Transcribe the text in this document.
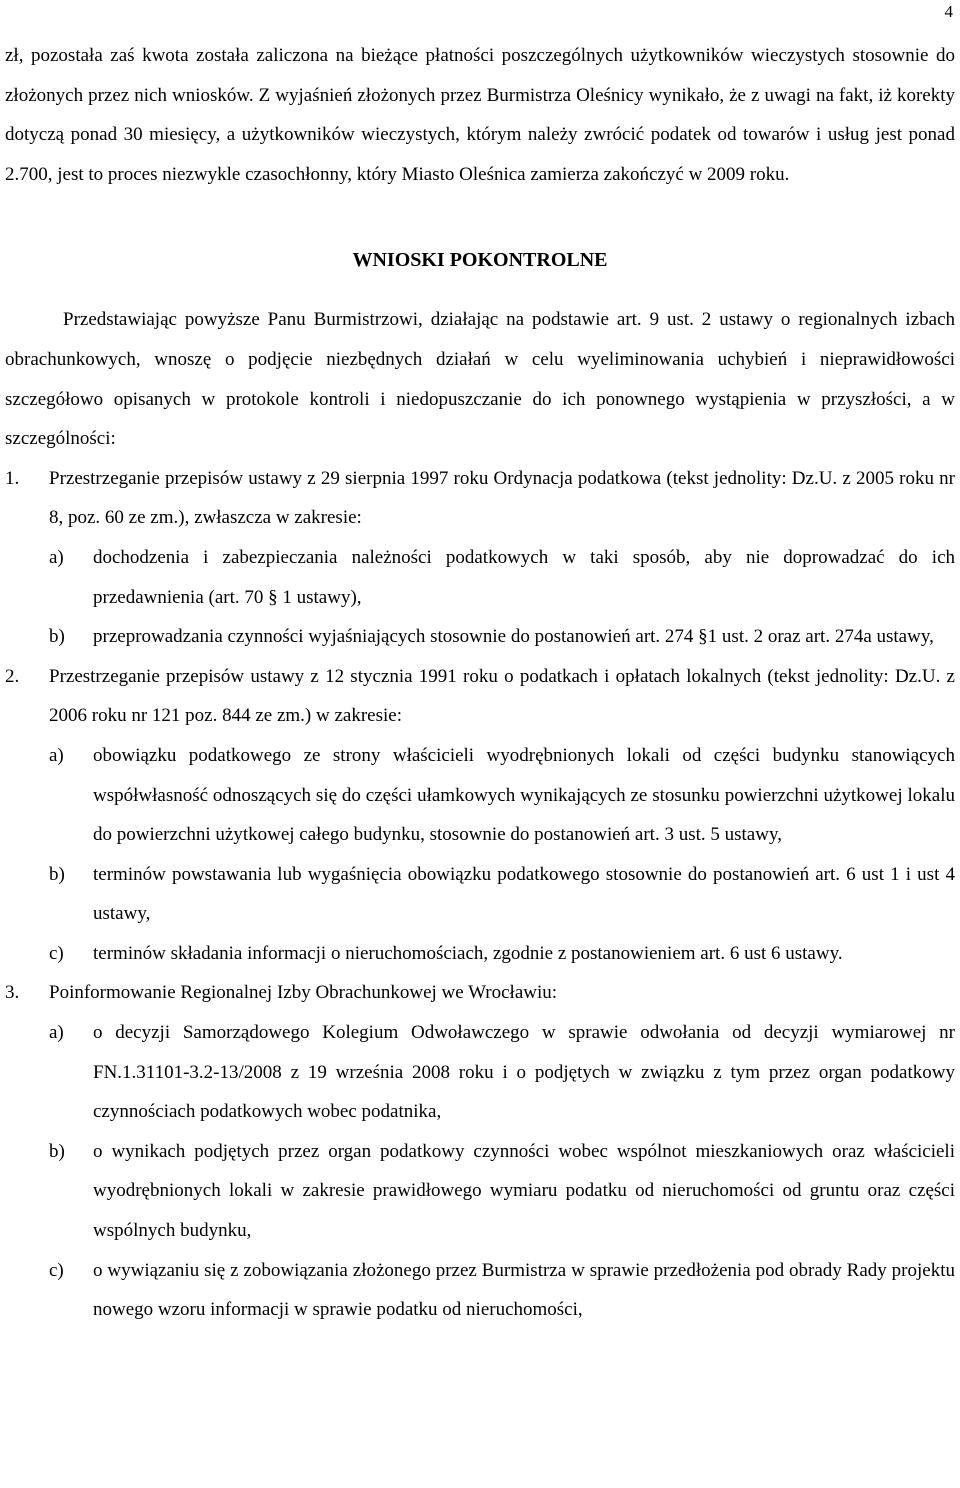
4

zł, pozostała zaś kwota została zaliczona na bieżące płatności poszczególnych użytkowników wieczystych stosownie do złożonych przez nich wniosków. Z wyjaśnień złożonych przez Burmistrza Oleśnicy wynikało, że z uwagi na fakt, iż korekty dotyczą ponad 30 miesięcy, a użytkowników wieczystych, którym należy zwrócić podatek od towarów i usług jest ponad 2.700, jest to proces niezwykle czasochłonny, który Miasto Oleśnica zamierza zakończyć w 2009 roku.

WNIOSKI POKONTROLNE

Przedstawiając powyższe Panu Burmistrzowi, działając na podstawie art. 9 ust. 2 ustawy o regionalnych izbach obrachunkowych, wnoszę o podjęcie niezbędnych działań w celu wyeliminowania uchybień i nieprawidłowości szczegółowo opisanych w protokole kontroli i niedopuszczanie do ich ponownego wystąpienia w przyszłości, a w szczególności:

1.	Przestrzeganie przepisów ustawy z 29 sierpnia 1997 roku Ordynacja podatkowa (tekst jednolity: Dz.U. z 2005 roku nr 8, poz. 60 ze zm.), zwłaszcza w zakresie:

a)	dochodzenia i zabezpieczania należności podatkowych w taki sposób, aby nie doprowadzać do ich przedawnienia (art. 70 § 1 ustawy),
b)	przeprowadzania czynności wyjaśniających stosownie do postanowień art. 274 §1 ust. 2 oraz art. 274a ustawy,
2.	Przestrzeganie przepisów ustawy z 12 stycznia 1991 roku o podatkach i opłatach lokalnych (tekst jednolity: Dz.U. z 2006 roku nr 121 poz. 844 ze zm.) w zakresie:

a)	obowiązku podatkowego ze strony właścicieli wyodrębnionych lokali od części budynku stanowiących współwłasność odnoszących się do części ułamkowych wynikających ze stosunku powierzchni użytkowej lokalu do powierzchni użytkowej całego budynku, stosownie do postanowień art. 3 ust. 5 ustawy,
b)	terminów powstawania lub wygaśnięcia obowiązku podatkowego stosownie do postanowień art. 6 ust 1 i ust 4 ustawy,
c)	terminów składania informacji o nieruchomościach, zgodnie z postanowieniem art. 6 ust 6 ustawy.
3.	Poinformowanie Regionalnej Izby Obrachunkowej we Wrocławiu:

a)	o decyzji Samorządowego Kolegium Odwoławczego w sprawie odwołania od decyzji wymiarowej nr FN.1.31101-3.2-13/2008 z 19 września 2008 roku i o podjętych w związku z tym przez organ podatkowy czynnościach podatkowych wobec podatnika,
b)	o wynikach podjętych przez organ podatkowy czynności wobec wspólnot mieszkaniowych oraz właścicieli wyodrębnionych lokali w zakresie prawidłowego wymiaru podatku od nieruchomości od gruntu oraz części wspólnych budynku,
c)	o wywiązaniu się z zobowiązania złożonego przez Burmistrza w sprawie przedłożenia pod obrady Rady projektu nowego wzoru informacji w sprawie podatku od nieruchomości,
